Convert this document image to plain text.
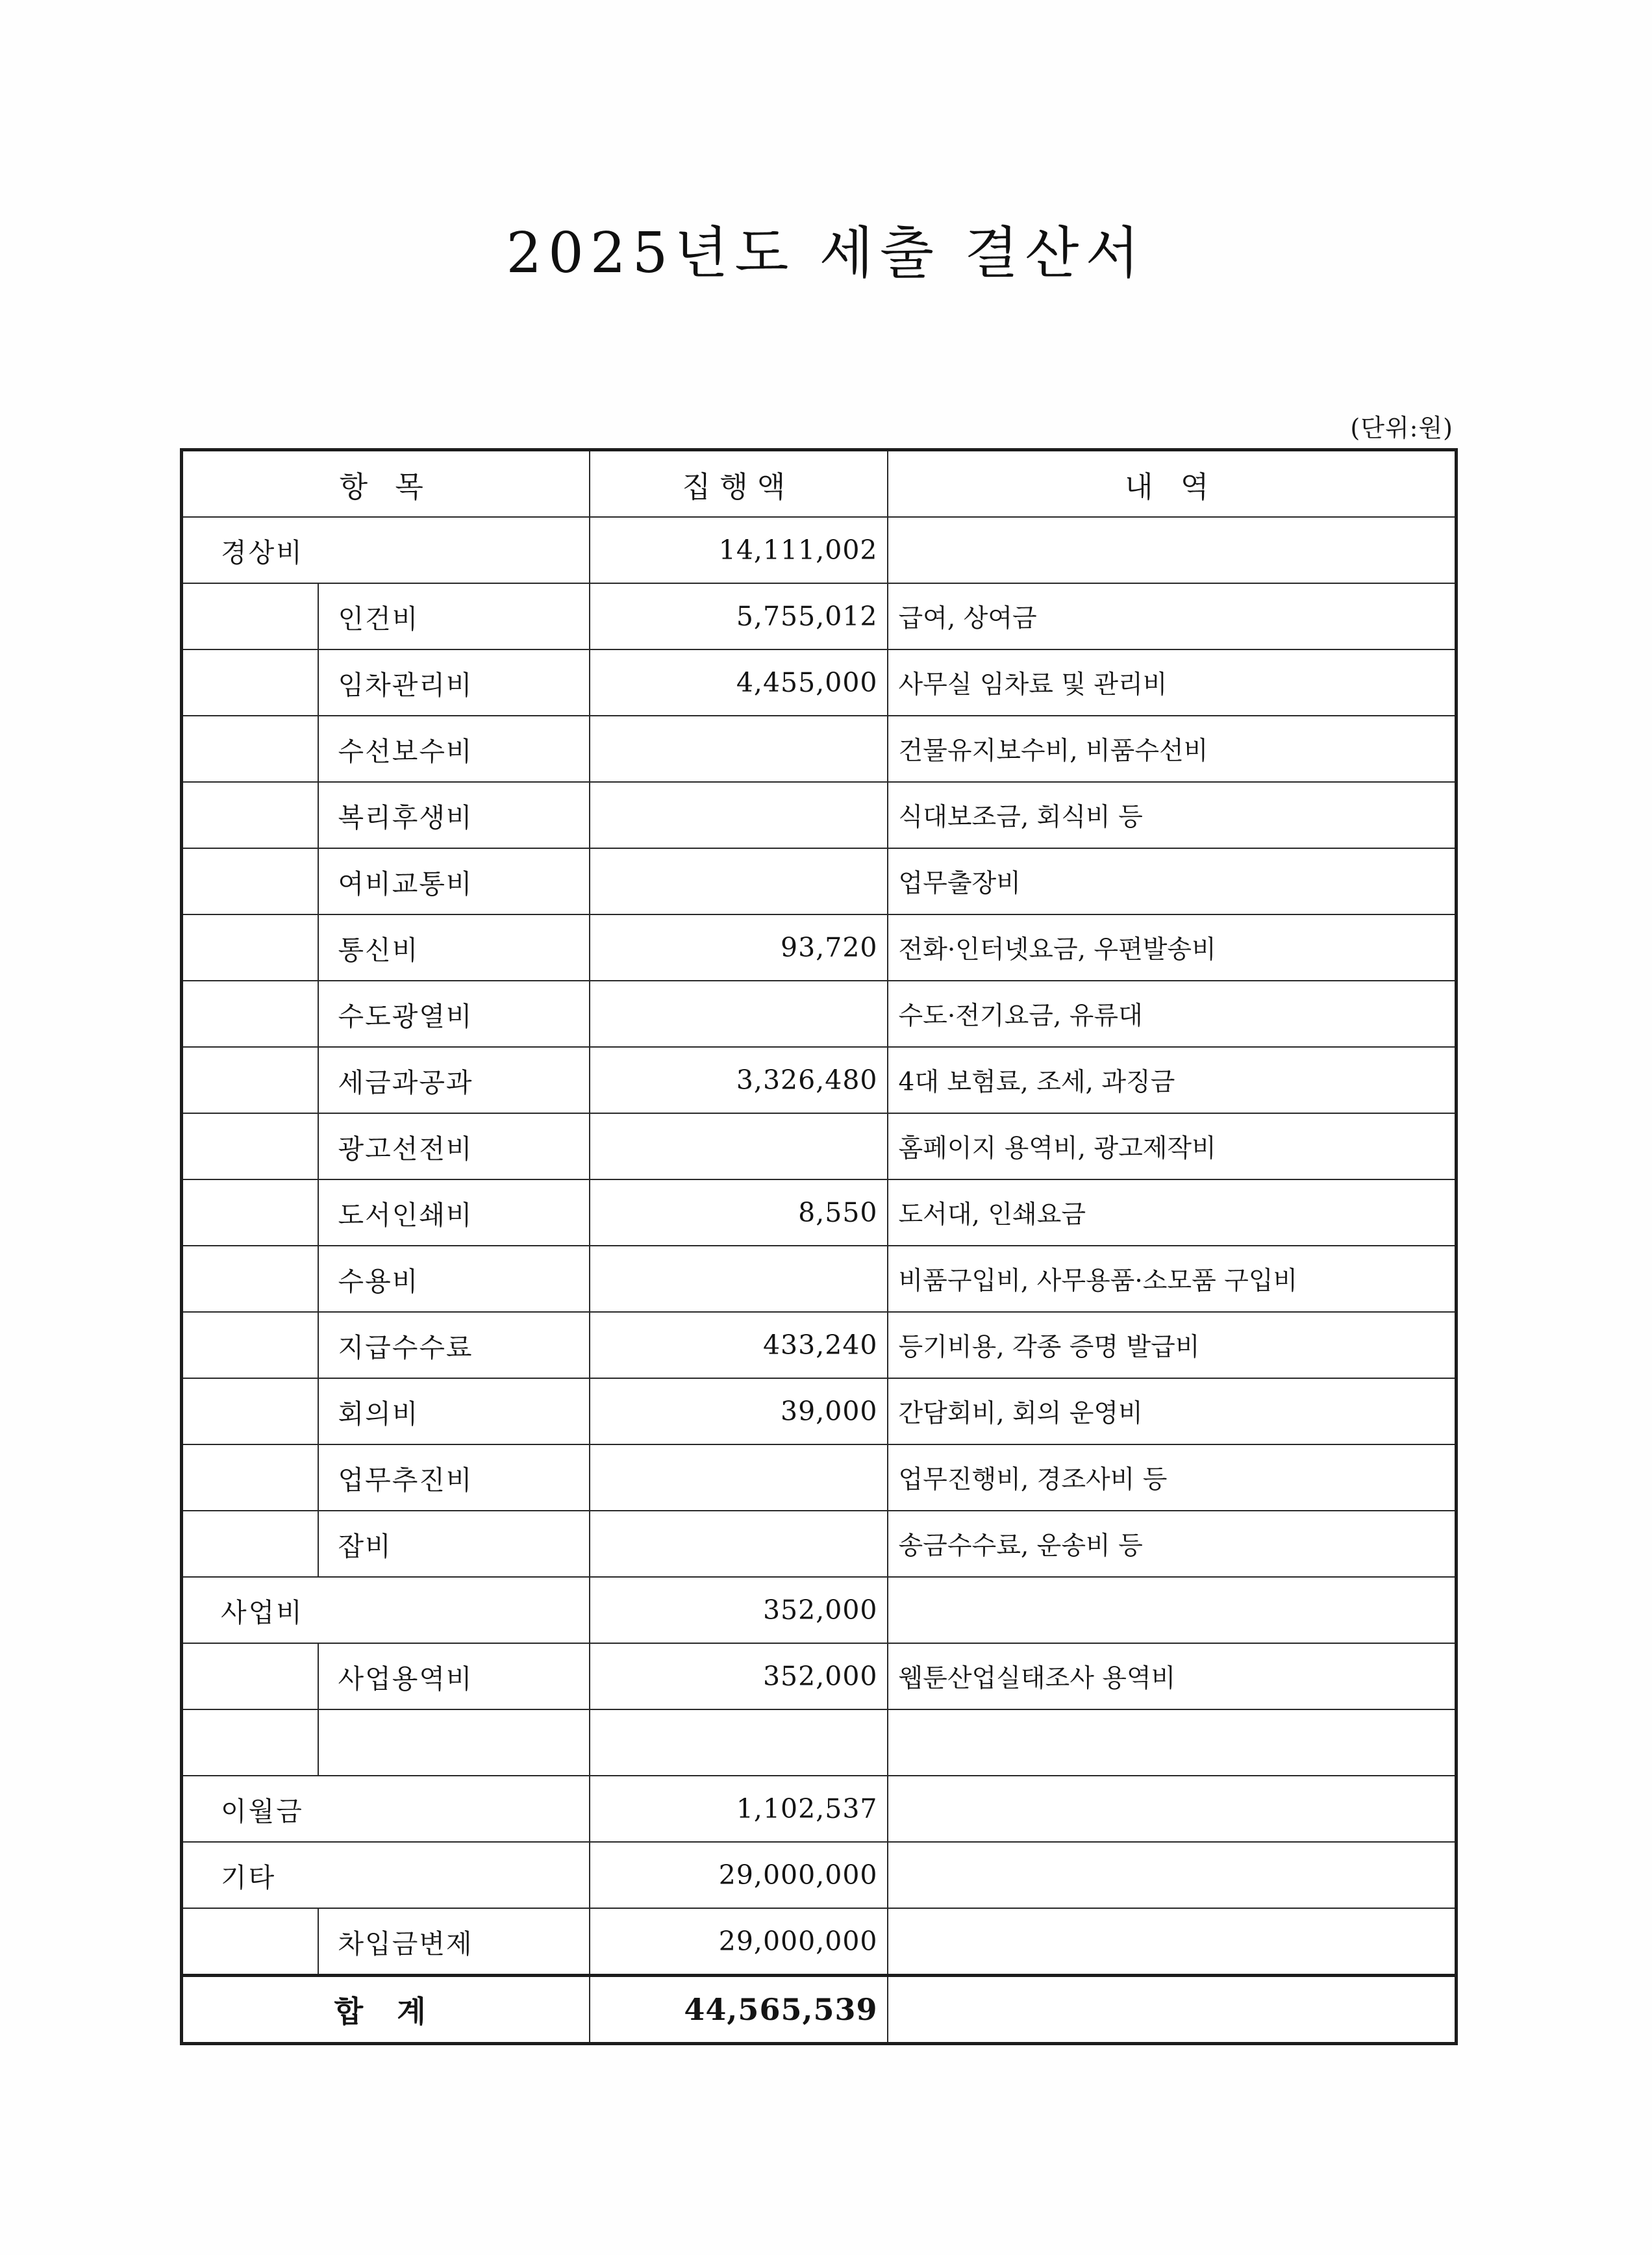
2025년도 세출 결산서
(단위:원)
항 목		집행액	내 역
경상비		14,111,002	
	인건비	5,755,012	급여, 상여금
	임차관리비	4,455,000	사무실 임차료 및 관리비
	수선보수비		건물유지보수비, 비품수선비
	복리후생비		식대보조금, 회식비 등
	여비교통비		업무출장비
	통신비	93,720	전화·인터넷요금, 우편발송비
	수도광열비		수도·전기요금, 유류대
	세금과공과	3,326,480	4대 보험료, 조세, 과징금
	광고선전비		홈페이지 용역비, 광고제작비
	도서인쇄비	8,550	도서대, 인쇄요금
	수용비		비품구입비, 사무용품·소모품 구입비
	지급수수료	433,240	등기비용, 각종 증명 발급비
	회의비	39,000	간담회비, 회의 운영비
	업무추진비		업무진행비, 경조사비 등
	잡비		송금수수료, 운송비 등
사업비		352,000	
	사업용역비	352,000	웹툰산업실태조사 용역비

이월금		1,102,537	
기타		29,000,000	
	차입금변제	29,000,000	
합 계		44,565,539	
